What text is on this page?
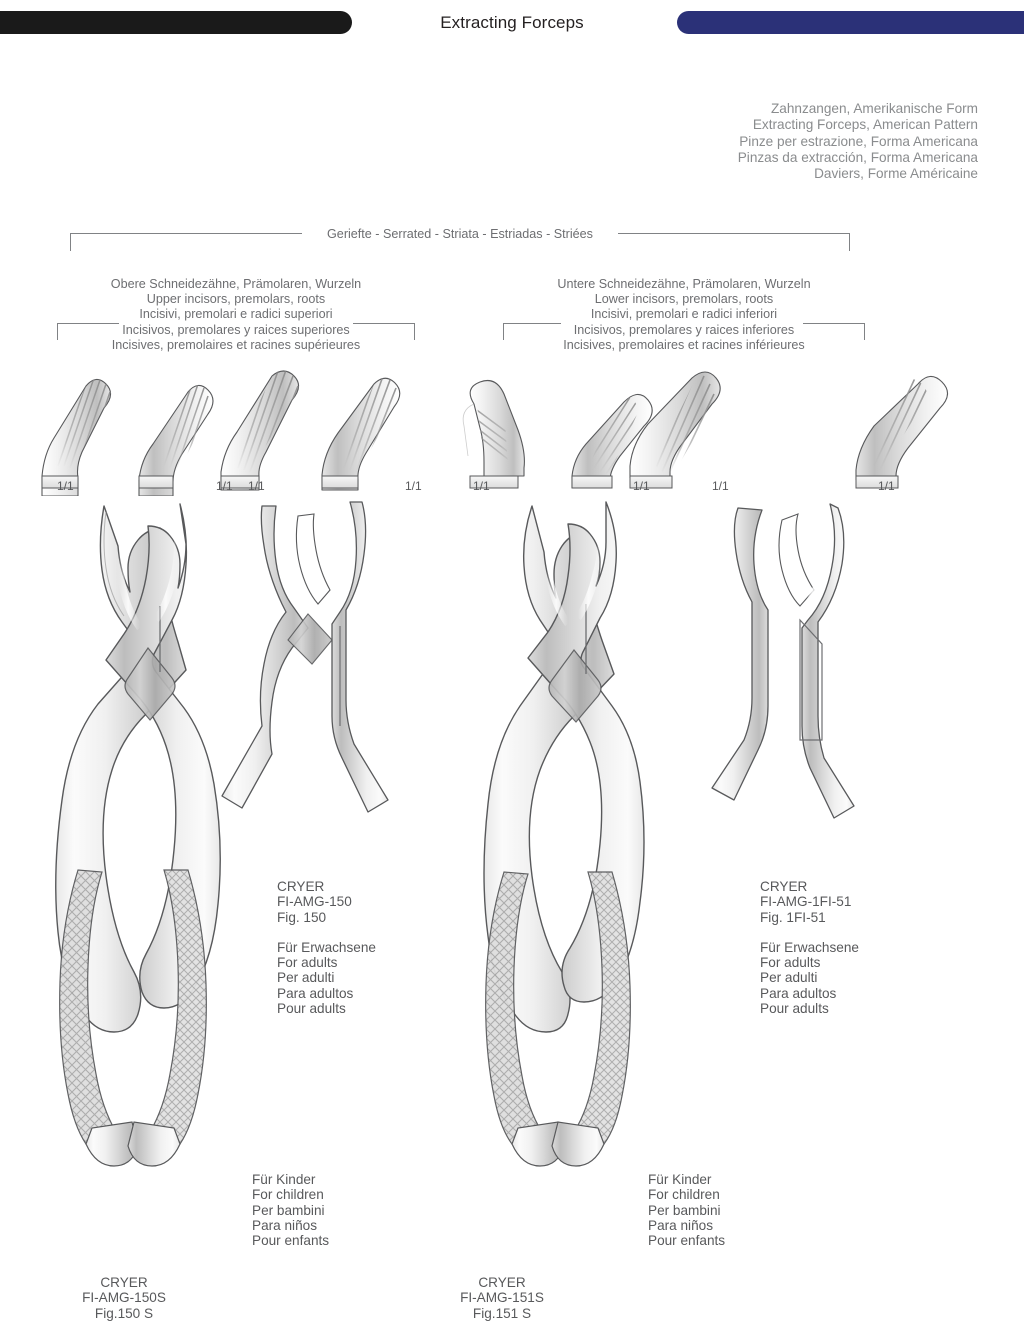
Extracting Forceps
Zahnzangen, Amerikanische Form
Extracting Forceps, American Pattern
Pinze per estrazione, Forma Americana
Pinzas da extracción, Forma Americana
Daviers, Forme Américaine
Geriefte - Serrated - Striata - Estriadas - Striées
Obere Schneidezähne, Prämolaren, Wurzeln
Upper incisors, premolars, roots
Incisivi, premolari e radici superiori
Incisivos, premolares y raices superiores
Incisives, premolaires et racines supérieures
Untere Schneidezähne, Prämolaren, Wurzeln
Lower incisors, premolars, roots
Incisivi, premolari e radici inferiori
Incisivos, premolares y raices inferiores
Incisives, premolaires et racines inférieures
1/1	1/1 1/1	1/1	1/1	1/1	1/1	1/1
CRYER
FI-AMG-150
Fig. 150
Für Erwachsene
For adults
Per adulti
Para adultos
Pour adults
CRYER
FI-AMG-1FI-51
Fig. 1FI-51
Für Erwachsene
For adults
Per adulti
Para adultos
Pour adults
Für Kinder
For children
Per bambini
Para niños
Pour enfants
Für Kinder
For children
Per bambini
Para niños
Pour enfants
CRYER
FI-AMG-150S
Fig.150 S
CRYER
FI-AMG-151S
Fig.151 S
